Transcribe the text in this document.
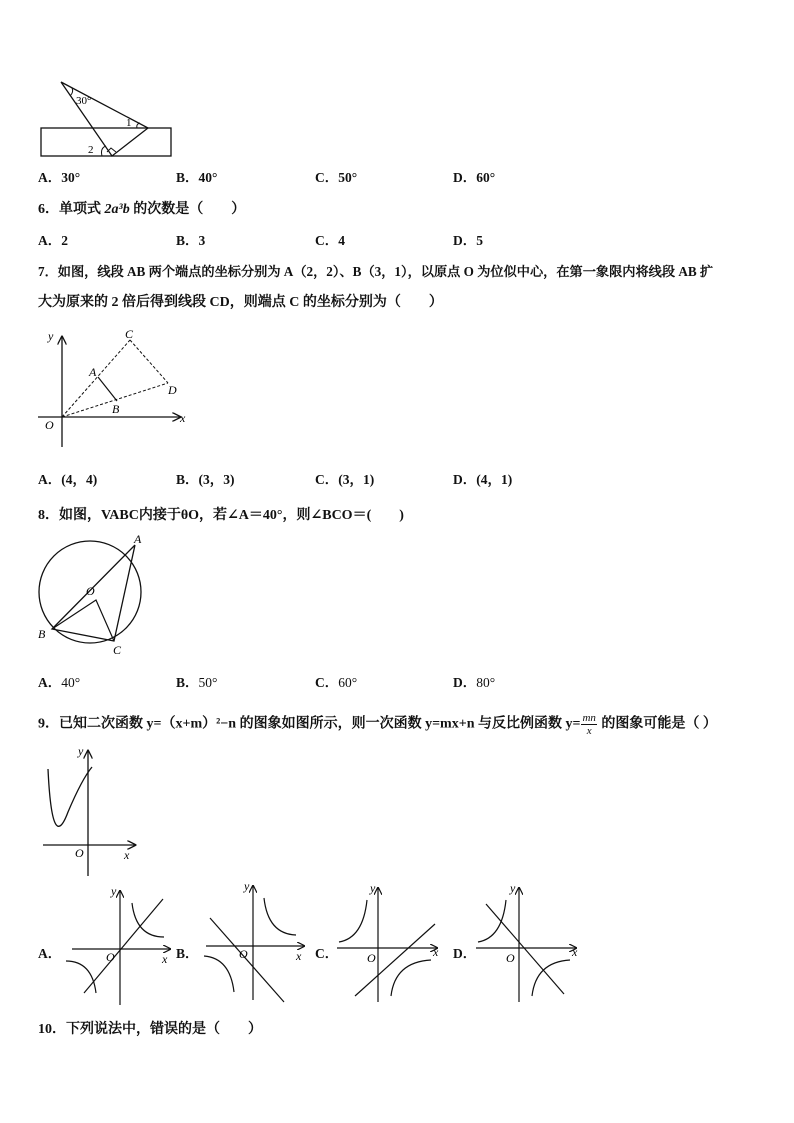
30°
1
2
A．30°	B．40°	C．50°	D．60°
6．单项式 2a³b 的次数是（　　）
A．2	B．3	C．4	D．5
7．如图，线段 AB 两个端点的坐标分别为 A（2，2）、B（3，1），以原点 O 为位似中心，在第一象限内将线段 AB 扩
大为原来的 2 倍后得到线段 CD，则端点 C 的坐标分别为（　　）
y
x
O
A
B
C
D
A．(4，4)	B．(3，3)	C．(3，1)	D．(4，1)
8．如图，VABC内接于θO，若∠A＝40°，则∠BCO＝(　　)
A
B
C
O
A．40°	B．50°	C．60°	D．80°
9．已知二次函数 y=（x+m）²−n 的图象如图所示，则一次函数 y=mx+n 与反比例函数 $y= \frac{mn}{x}$ 的图象可能是（ ）
y
x
O
A．
y
x
O	B．
y
x
O	C．
y
x
O	D．
y
x
O
10．下列说法中，错误的是（　　）
